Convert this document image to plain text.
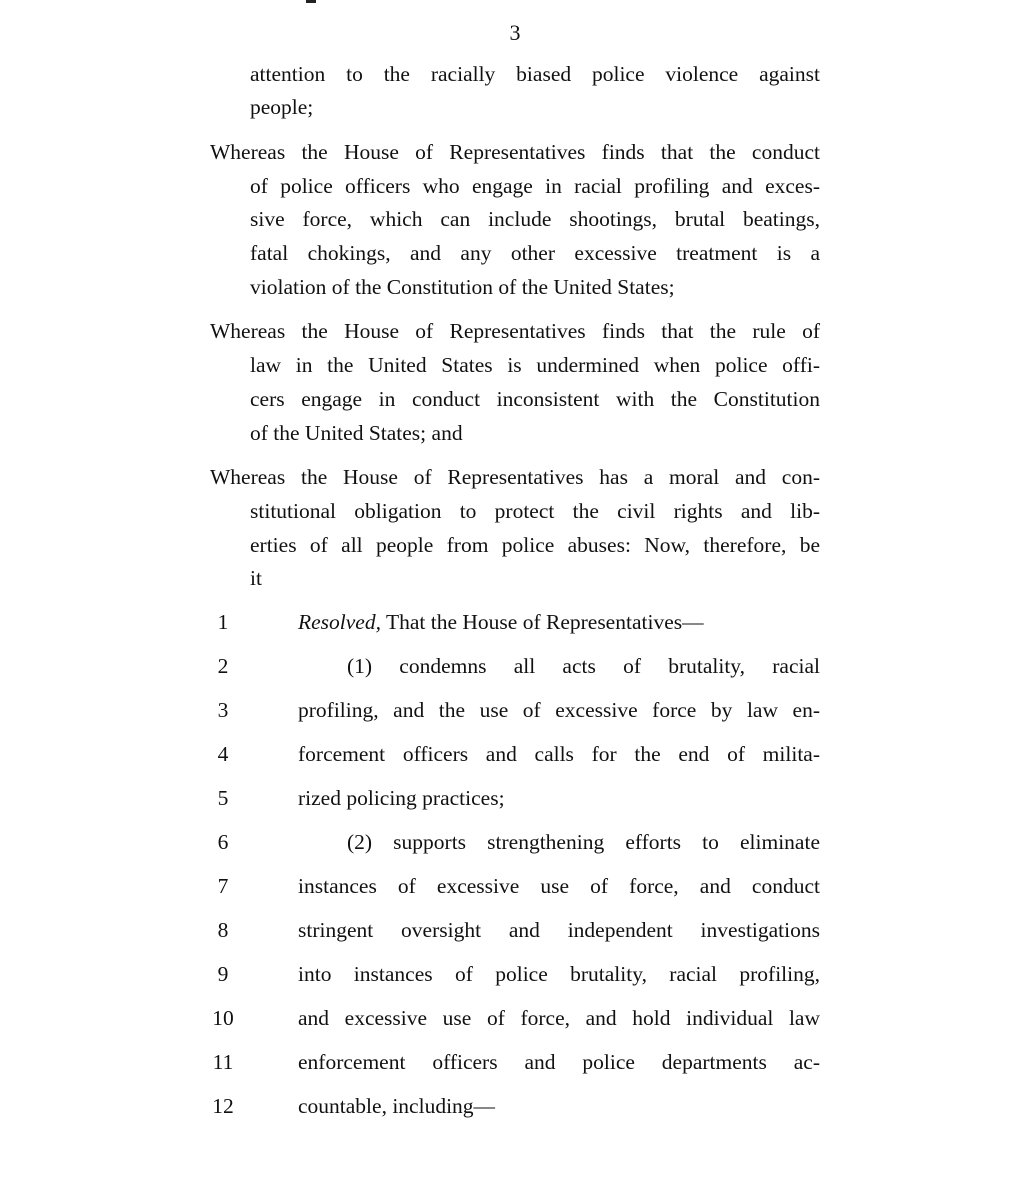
3
attention to the racially biased police violence against
people;
Whereas the House of Representatives finds that the conduct
of police officers who engage in racial profiling and exces-
sive force, which can include shootings, brutal beatings,
fatal chokings, and any other excessive treatment is a
violation of the Constitution of the United States;
Whereas the House of Representatives finds that the rule of
law in the United States is undermined when police offi-
cers engage in conduct inconsistent with the Constitution
of the United States; and
Whereas the House of Representatives has a moral and con-
stitutional obligation to protect the civil rights and lib-
erties of all people from police abuses: Now, therefore, be
it
1	Resolved, That the House of Representatives—
2	(1) condemns all acts of brutality, racial
3	profiling, and the use of excessive force by law en-
4	forcement officers and calls for the end of milita-
5	rized policing practices;
6	(2) supports strengthening efforts to eliminate
7	instances of excessive use of force, and conduct
8	stringent oversight and independent investigations
9	into instances of police brutality, racial profiling,
10	and excessive use of force, and hold individual law
11	enforcement officers and police departments ac-
12	countable, including—
